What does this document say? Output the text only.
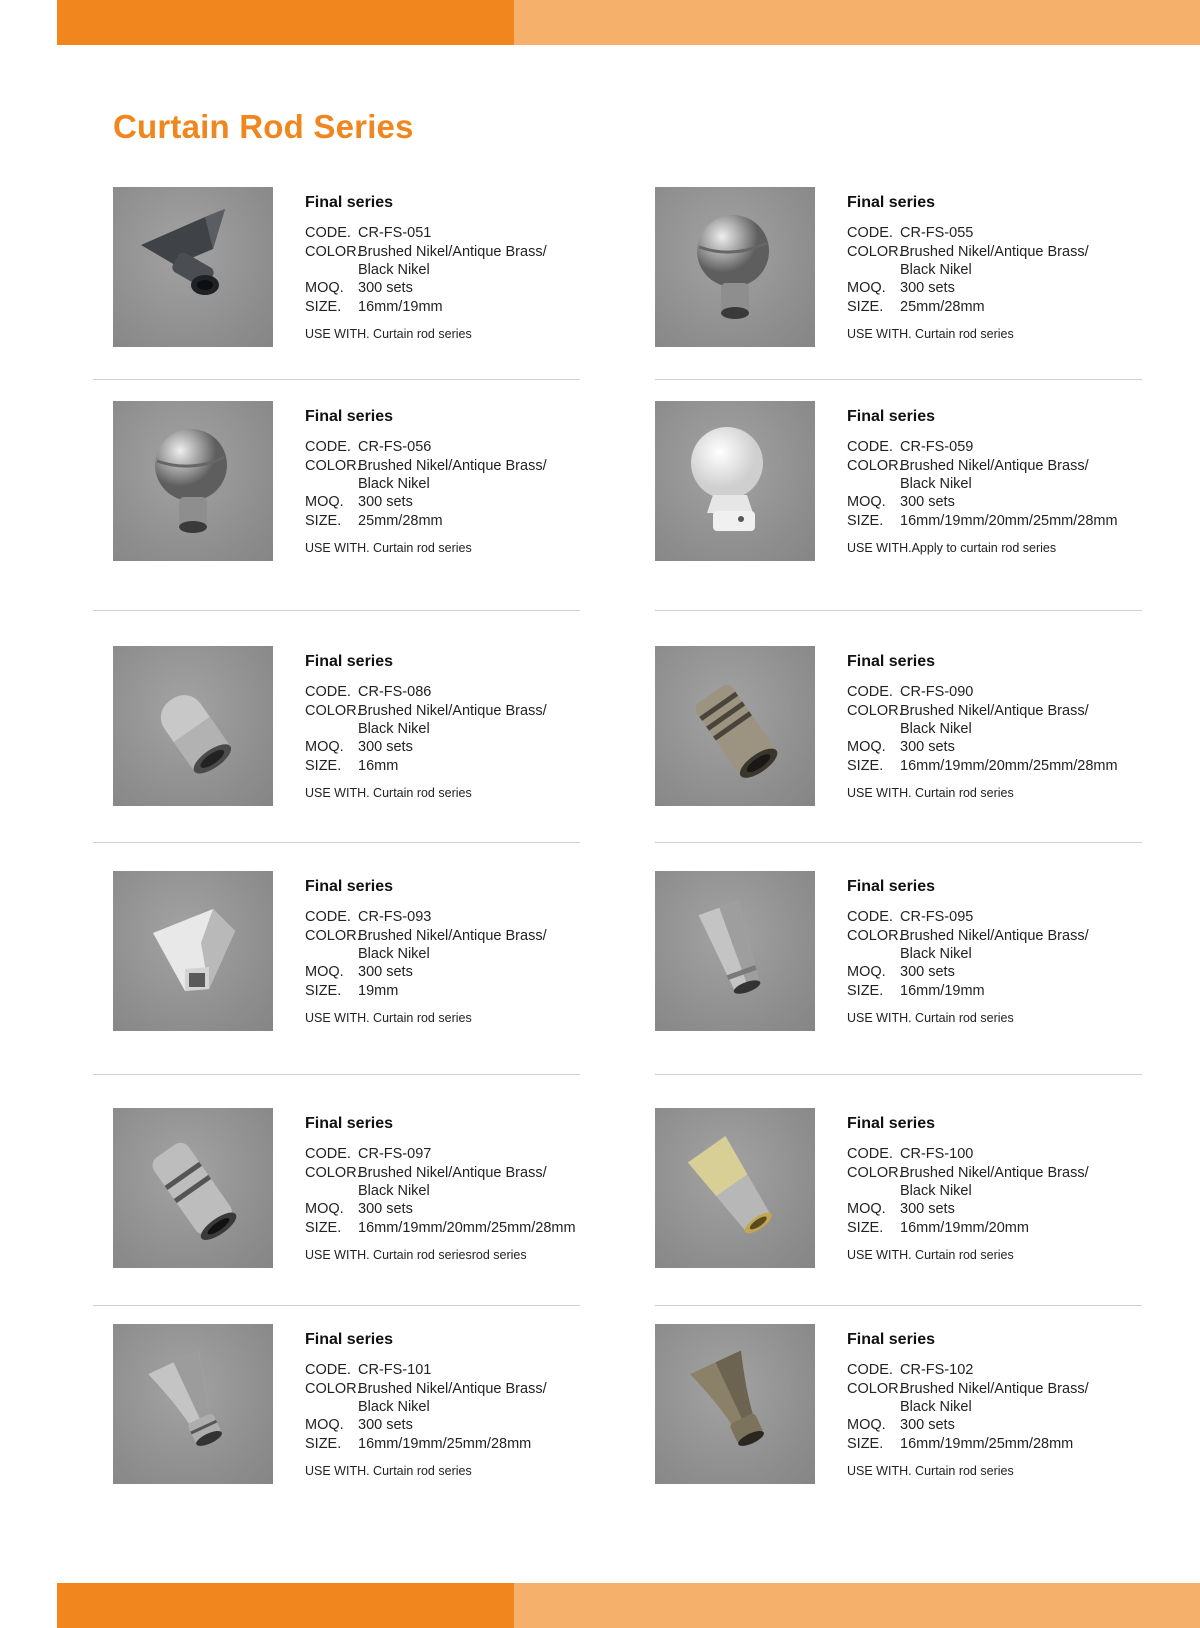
Curtain Rod Series
Final series
CODE. CR-FS-051
COLOR.
Brushed Nikel/Antique Brass/
Black Nikel
MOQ. 300 sets
SIZE.	16mm/19mm
USE WITH. Curtain rod series
Final series
CODE. CR-FS-055
COLOR.
Brushed Nikel/Antique Brass/
Black Nikel
MOQ. 300 sets
SIZE.	25mm/28mm
USE WITH. Curtain rod series
Final series
CODE. CR-FS-056
COLOR.
Brushed Nikel/Antique Brass/
Black Nikel
MOQ. 300 sets
SIZE.	25mm/28mm
USE WITH. Curtain rod series
Final series
CODE. CR-FS-059
COLOR.
Brushed Nikel/Antique Brass/
Black Nikel
MOQ. 300 sets
SIZE.	16mm/19mm/20mm/25mm/28mm
USE WITH.Apply to curtain rod series
Final series
CODE. CR-FS-086
COLOR.
Brushed Nikel/Antique Brass/
Black Nikel
MOQ. 300 sets
SIZE.	16mm
USE WITH. Curtain rod series
Final series
CODE. CR-FS-090
COLOR.
Brushed Nikel/Antique Brass/
Black Nikel
MOQ. 300 sets
SIZE.	16mm/19mm/20mm/25mm/28mm
USE WITH. Curtain rod series
Final series
CODE. CR-FS-093
COLOR.
Brushed Nikel/Antique Brass/
Black Nikel
MOQ. 300 sets
SIZE.	19mm
USE WITH. Curtain rod series
Final series
CODE. CR-FS-095
COLOR.
Brushed Nikel/Antique Brass/
Black Nikel
MOQ. 300 sets
SIZE.	16mm/19mm
USE WITH. Curtain rod series
Final series
CODE. CR-FS-097
COLOR.
Brushed Nikel/Antique Brass/
Black Nikel
MOQ. 300 sets
SIZE.	16mm/19mm/20mm/25mm/28mm
USE WITH. Curtain rod seriesrod series
Final series
CODE. CR-FS-100
COLOR.
Brushed Nikel/Antique Brass/
Black Nikel
MOQ. 300 sets
SIZE.	16mm/19mm/20mm
USE WITH. Curtain rod series
Final series
CODE. CR-FS-101
COLOR.
Brushed Nikel/Antique Brass/
Black Nikel
MOQ. 300 sets
SIZE.	16mm/19mm/25mm/28mm
USE WITH. Curtain rod series
Final series
CODE. CR-FS-102
COLOR.
Brushed Nikel/Antique Brass/
Black Nikel
MOQ. 300 sets
SIZE.	16mm/19mm/25mm/28mm
USE WITH. Curtain rod series
